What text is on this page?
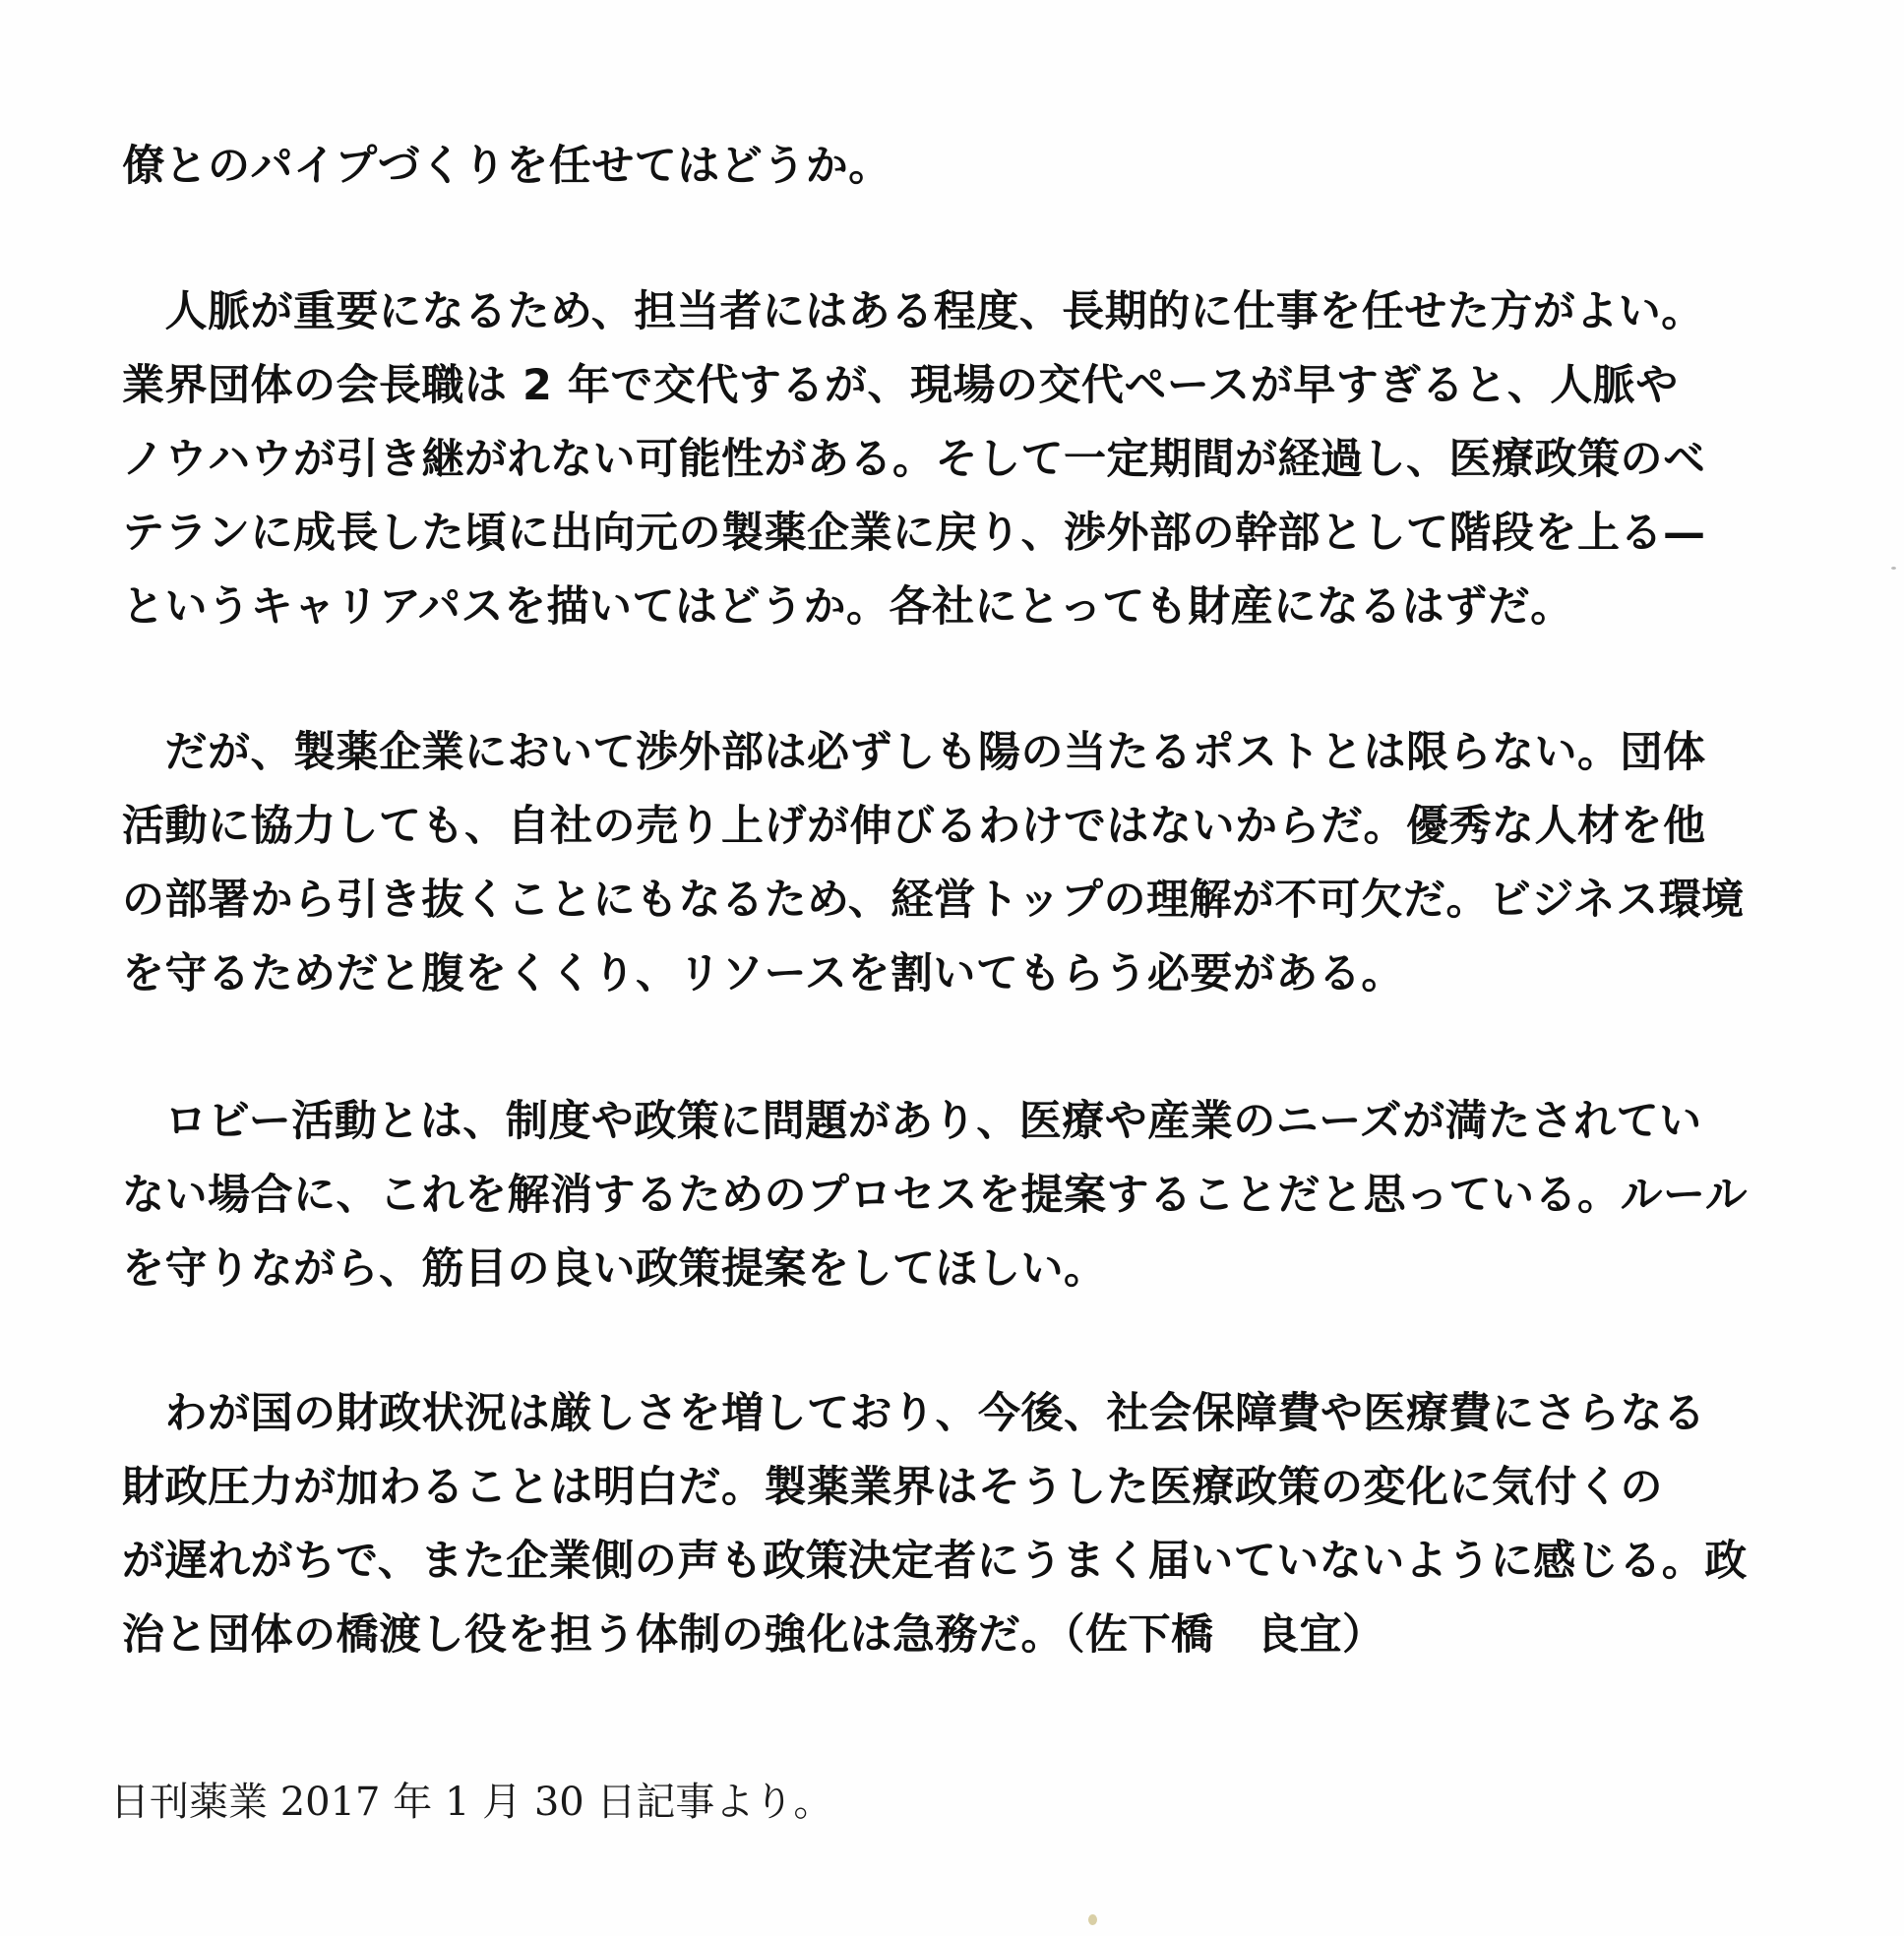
僚とのパイプづくりを任せてはどうか。
　人脈が重要になるため、担当者にはある程度、長期的に仕事を任せた方がよい。
業界団体の会長職は 2 年で交代するが、現場の交代ペースが早すぎると、人脈や
ノウハウが引き継がれない可能性がある。そして一定期間が経過し、医療政策のベ
テランに成長した頃に出向元の製薬企業に戻り、渉外部の幹部として階段を上る—
というキャリアパスを描いてはどうか。各社にとっても財産になるはずだ。
　だが、製薬企業において渉外部は必ずしも陽の当たるポストとは限らない。団体
活動に協力しても、自社の売り上げが伸びるわけではないからだ。優秀な人材を他
の部署から引き抜くことにもなるため、経営トップの理解が不可欠だ。ビジネス環境
を守るためだと腹をくくり、リソースを割いてもらう必要がある。
　ロビー活動とは、制度や政策に問題があり、医療や産業のニーズが満たされてい
ない場合に、これを解消するためのプロセスを提案することだと思っている。ルール
を守りながら、筋目の良い政策提案をしてほしい。
　わが国の財政状況は厳しさを増しており、今後、社会保障費や医療費にさらなる
財政圧力が加わることは明白だ。製薬業界はそうした医療政策の変化に気付くの
が遅れがちで、また企業側の声も政策決定者にうまく届いていないように感じる。政
治と団体の橋渡し役を担う体制の強化は急務だ。（佐下橋　良宜）
日刊薬業 2017 年 1 月 30 日記事より。
